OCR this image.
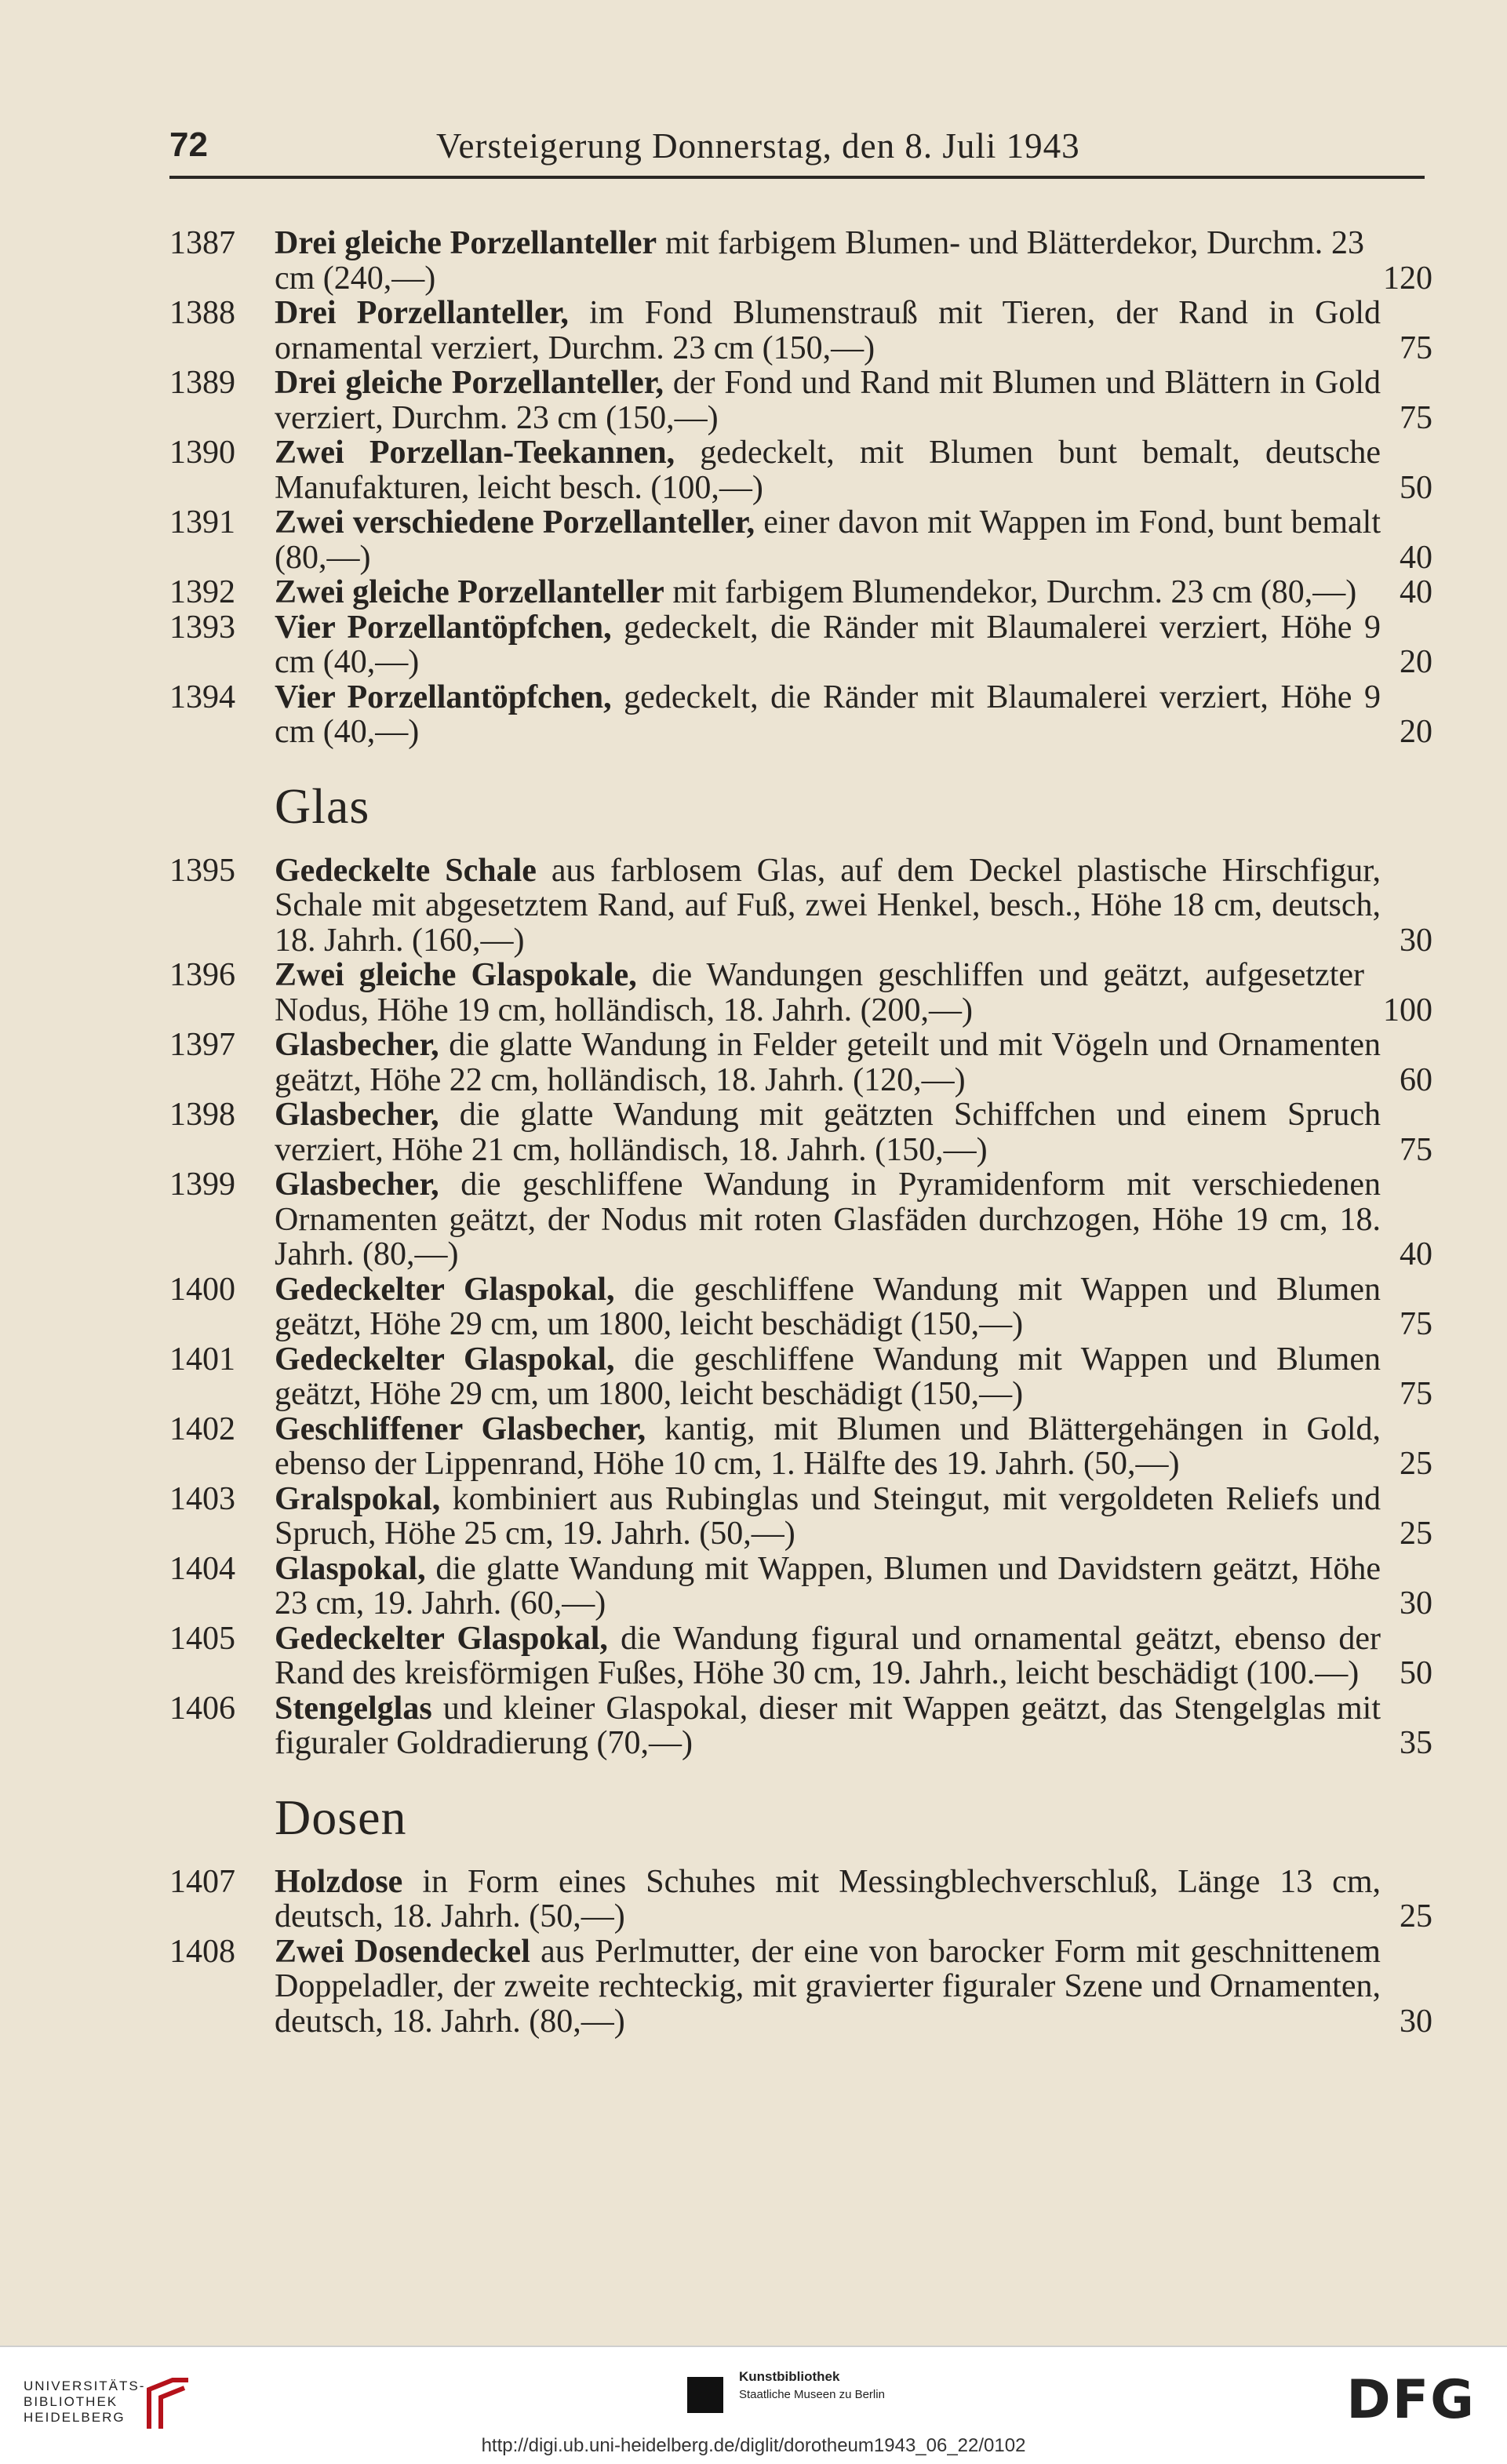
72	Versteigerung Donnerstag, den 8. Juli 1943
1387	Drei gleiche Porzellanteller mit farbigem Blumen- und Blätterdekor, Durchm. 23 cm (240,—)	120
1388	Drei Porzellanteller, im Fond Blumenstrauß mit Tieren, der Rand in Gold ornamental verziert, Durchm. 23 cm (150,—)	75
1389	Drei gleiche Porzellanteller, der Fond und Rand mit Blumen und Blättern in Gold verziert, Durchm. 23 cm (150,—)	75
1390	Zwei Porzellan-Teekannen, gedeckelt, mit Blumen bunt bemalt, deutsche Manufakturen, leicht besch. (100,—)	50
1391	Zwei verschiedene Porzellanteller, einer davon mit Wappen im Fond, bunt bemalt (80,—)	40
1392	Zwei gleiche Porzellanteller mit farbigem Blumendekor, Durchm. 23 cm (80,—)	40
1393	Vier Porzellantöpfchen, gedeckelt, die Ränder mit Blaumalerei verziert, Höhe 9 cm (40,—)	20
1394	Vier Porzellantöpfchen, gedeckelt, die Ränder mit Blaumalerei verziert, Höhe 9 cm (40,—)	20
Glas
1395	Gedeckelte Schale aus farblosem Glas, auf dem Deckel plastische Hirschfigur, Schale mit abgesetztem Rand, auf Fuß, zwei Henkel, besch., Höhe 18 cm, deutsch, 18. Jahrh. (160,—)	30
1396	Zwei gleiche Glaspokale, die Wandungen geschliffen und geätzt, aufgesetzter Nodus, Höhe 19 cm, holländisch, 18. Jahrh. (200,—)	100
1397	Glasbecher, die glatte Wandung in Felder geteilt und mit Vögeln und Ornamenten geätzt, Höhe 22 cm, holländisch, 18. Jahrh. (120,—)	60
1398	Glasbecher, die glatte Wandung mit geätzten Schiffchen und einem Spruch verziert, Höhe 21 cm, holländisch, 18. Jahrh. (150,—)	75
1399	Glasbecher, die geschliffene Wandung in Pyramidenform mit verschiedenen Ornamenten geätzt, der Nodus mit roten Glasfäden durchzogen, Höhe 19 cm, 18. Jahrh. (80,—)	40
1400	Gedeckelter Glaspokal, die geschliffene Wandung mit Wappen und Blumen geätzt, Höhe 29 cm, um 1800, leicht beschädigt (150,—)	75
1401	Gedeckelter Glaspokal, die geschliffene Wandung mit Wappen und Blumen geätzt, Höhe 29 cm, um 1800, leicht beschädigt (150,—)	75
1402	Geschliffener Glasbecher, kantig, mit Blumen und Blättergehängen in Gold, ebenso der Lippenrand, Höhe 10 cm, 1. Hälfte des 19. Jahrh. (50,—)	25
1403	Gralspokal, kombiniert aus Rubinglas und Steingut, mit vergoldeten Reliefs und Spruch, Höhe 25 cm, 19. Jahrh. (50,—)	25
1404	Glaspokal, die glatte Wandung mit Wappen, Blumen und Davidstern geätzt, Höhe 23 cm, 19. Jahrh. (60,—)	30
1405	Gedeckelter Glaspokal, die Wandung figural und ornamental geätzt, ebenso der Rand des kreisförmigen Fußes, Höhe 30 cm, 19. Jahrh., leicht beschädigt (100.—)	50
1406	Stengelglas und kleiner Glaspokal, dieser mit Wappen geätzt, das Stengelglas mit figuraler Goldradierung (70,—)	35
Dosen
1407	Holzdose in Form eines Schuhes mit Messingblechverschluß, Länge 13 cm, deutsch, 18. Jahrh. (50,—)	25
1408	Zwei Dosendeckel aus Perlmutter, der eine von barocker Form mit geschnittenem Doppeladler, der zweite rechteckig, mit gravierter figuraler Szene und Ornamenten, deutsch, 18. Jahrh. (80,—)	30
UNIVERSITÄTS-
BIBLIOTHEK
HEIDELBERG
Kunstbibliothek
Staatliche Museen zu Berlin	DFG
http://digi.ub.uni-heidelberg.de/diglit/dorotheum1943_06_22/0102
